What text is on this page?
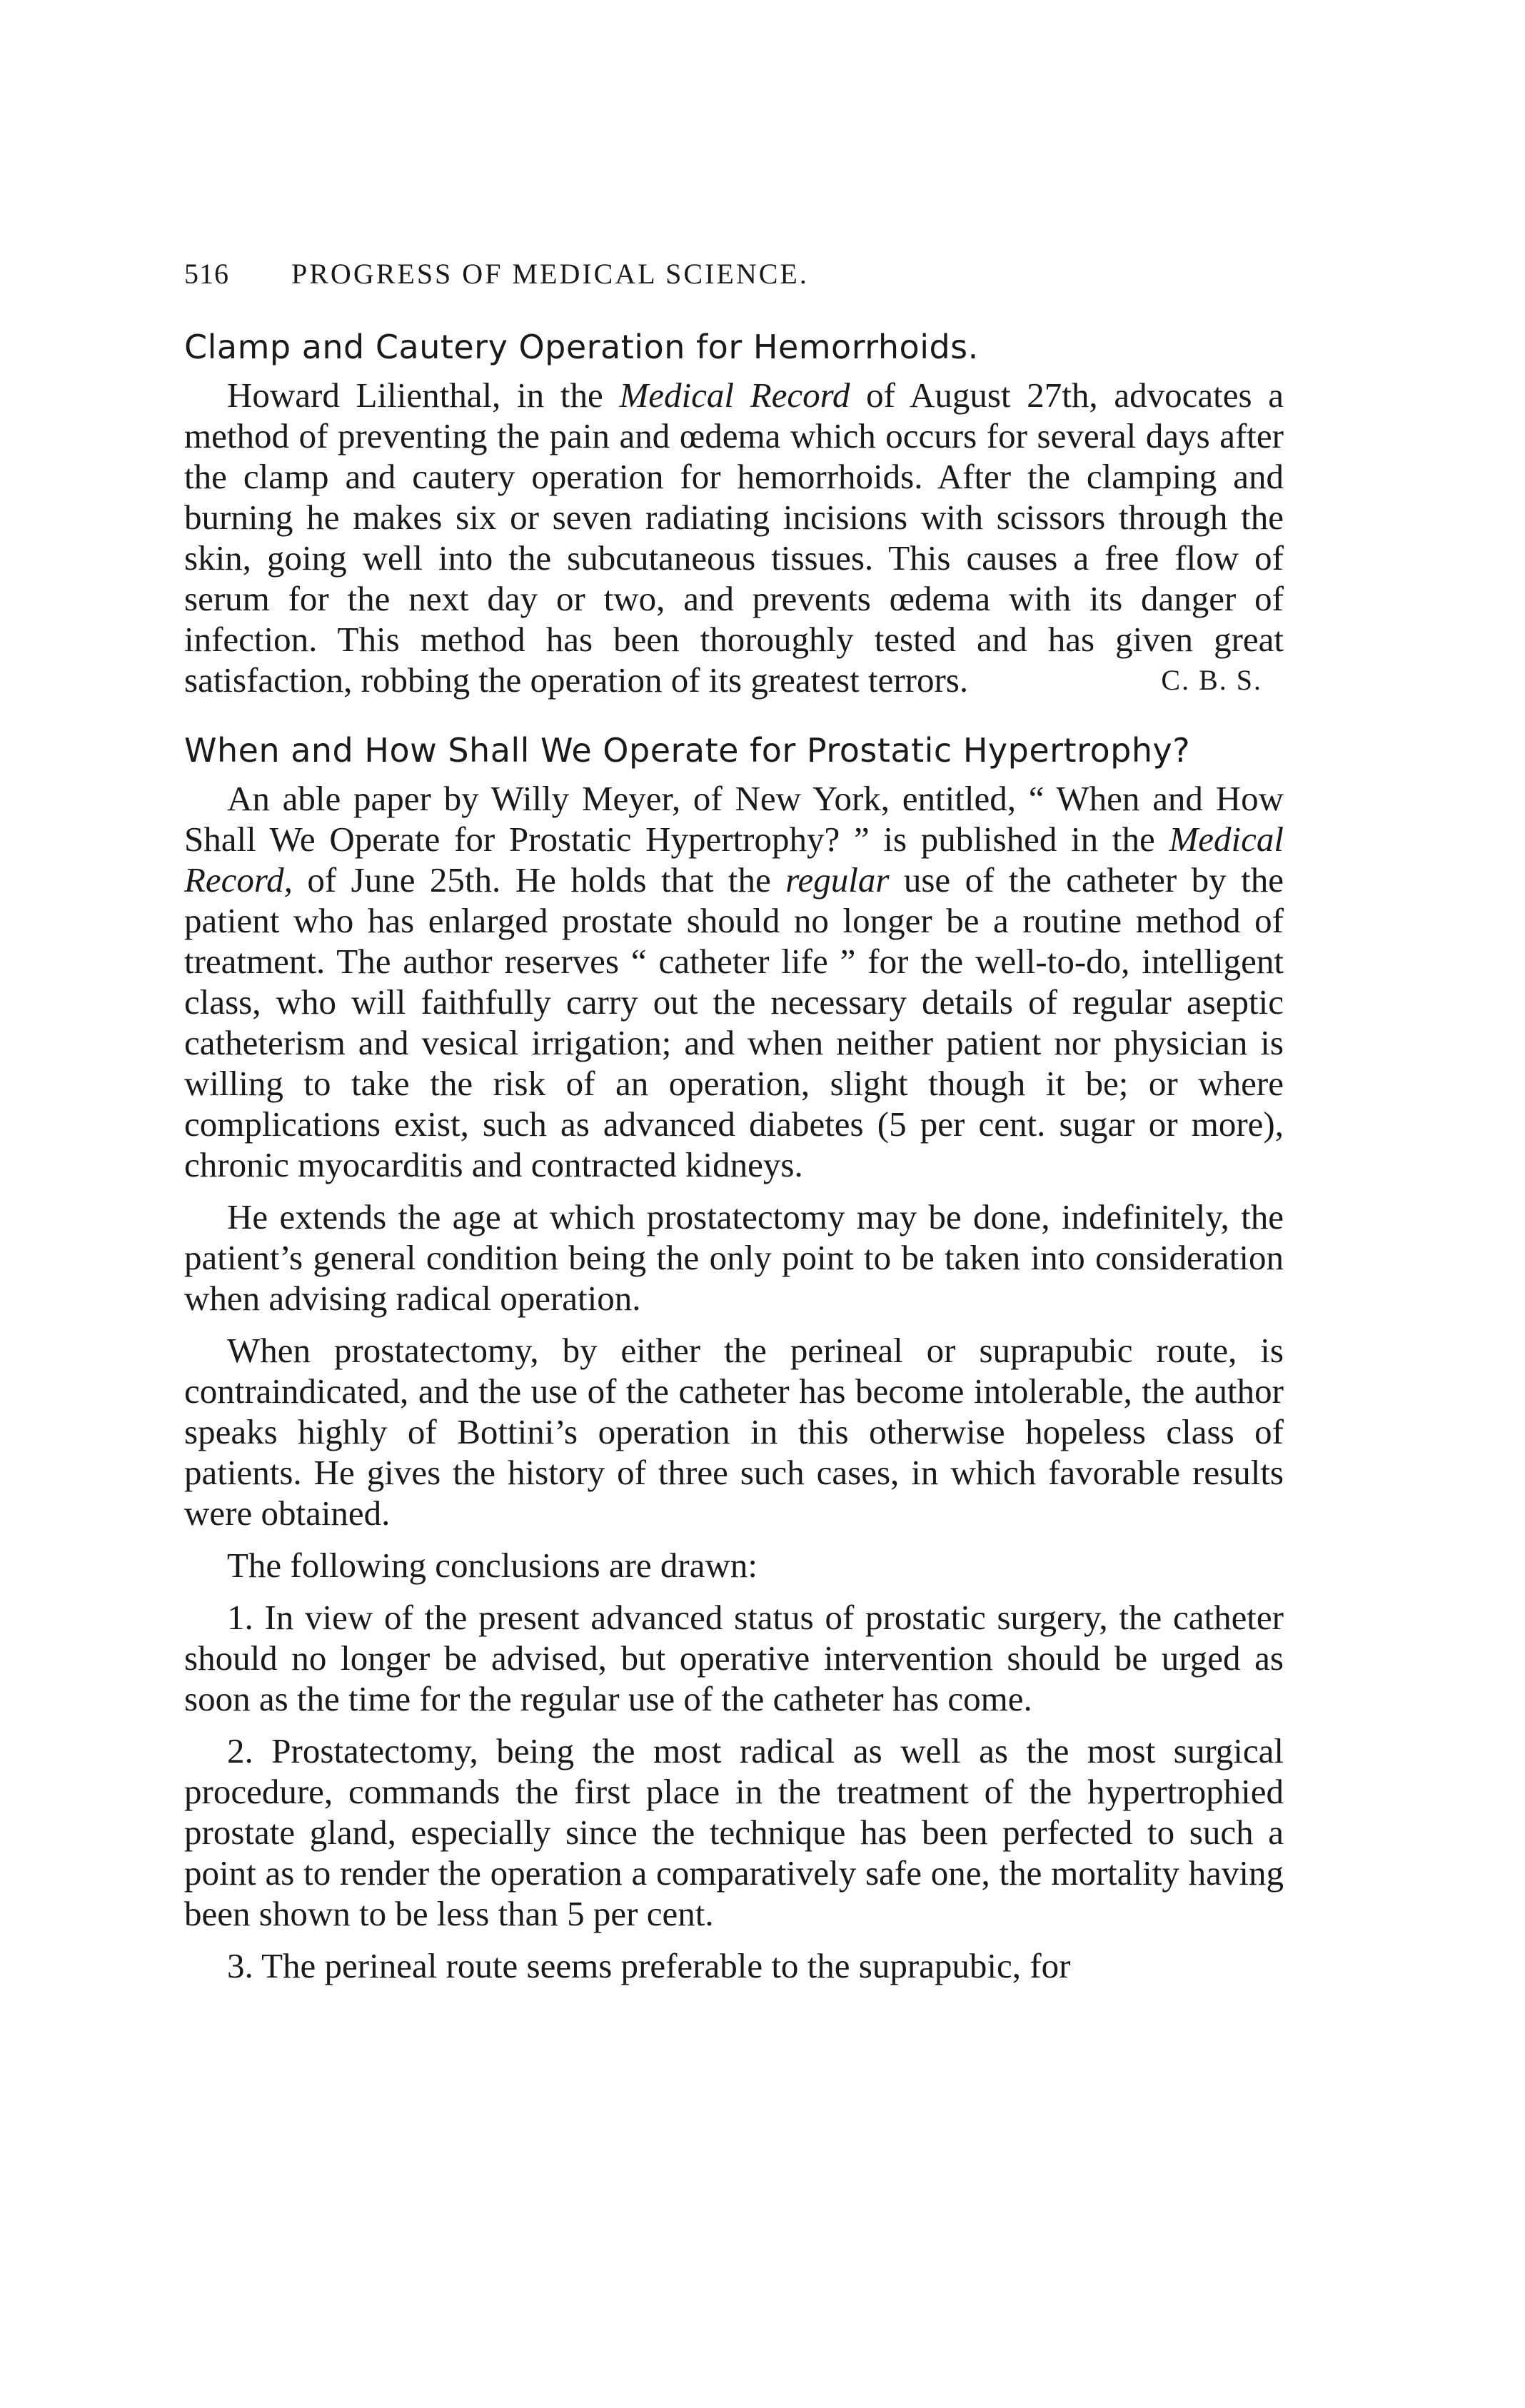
516	PROGRESS OF MEDICAL SCIENCE.
Clamp and Cautery Operation for Hemorrhoids.

Howard Lilienthal, in the Medical Record of August 27th, advocates a method of preventing the pain and œdema which occurs for several days after the clamp and cautery operation for hemorrhoids. After the clamping and burning he makes six or seven radiating incisions with scissors through the skin, going well into the subcutaneous tissues. This causes a free flow of serum for the next day or two, and prevents œdema with its danger of infection. This method has been thoroughly tested and has given great satisfaction, robbing the operation of its greatest terrors.	C. B. S.
When and How Shall We Operate for Prostatic Hypertrophy?

An able paper by Willy Meyer, of New York, entitled, “ When and How Shall We Operate for Prostatic Hypertrophy? ” is published in the Medical Record, of June 25th. He holds that the regular use of the catheter by the patient who has enlarged prostate should no longer be a routine method of treatment. The author reserves “ catheter life ” for the well-to-do, intelligent class, who will faithfully carry out the necessary details of regular aseptic catheterism and vesical irrigation; and when neither patient nor physician is willing to take the risk of an operation, slight though it be; or where complications exist, such as advanced diabetes (5 per cent. sugar or more), chronic myocarditis and contracted kidneys.

He extends the age at which prostatectomy may be done, indefinitely, the patient’s general condition being the only point to be taken into consideration when advising radical operation.

When prostatectomy, by either the perineal or suprapubic route, is contraindicated, and the use of the catheter has become intolerable, the author speaks highly of Bottini’s operation in this otherwise hopeless class of patients. He gives the history of three such cases, in which favorable results were obtained.

The following conclusions are drawn:

1. In view of the present advanced status of prostatic surgery, the catheter should no longer be advised, but operative intervention should be urged as soon as the time for the regular use of the catheter has come.

2. Prostatectomy, being the most radical as well as the most surgical procedure, commands the first place in the treatment of the hypertrophied prostate gland, especially since the technique has been perfected to such a point as to render the operation a comparatively safe one, the mortality having been shown to be less than 5 per cent.

3. The perineal route seems preferable to the suprapubic, for
